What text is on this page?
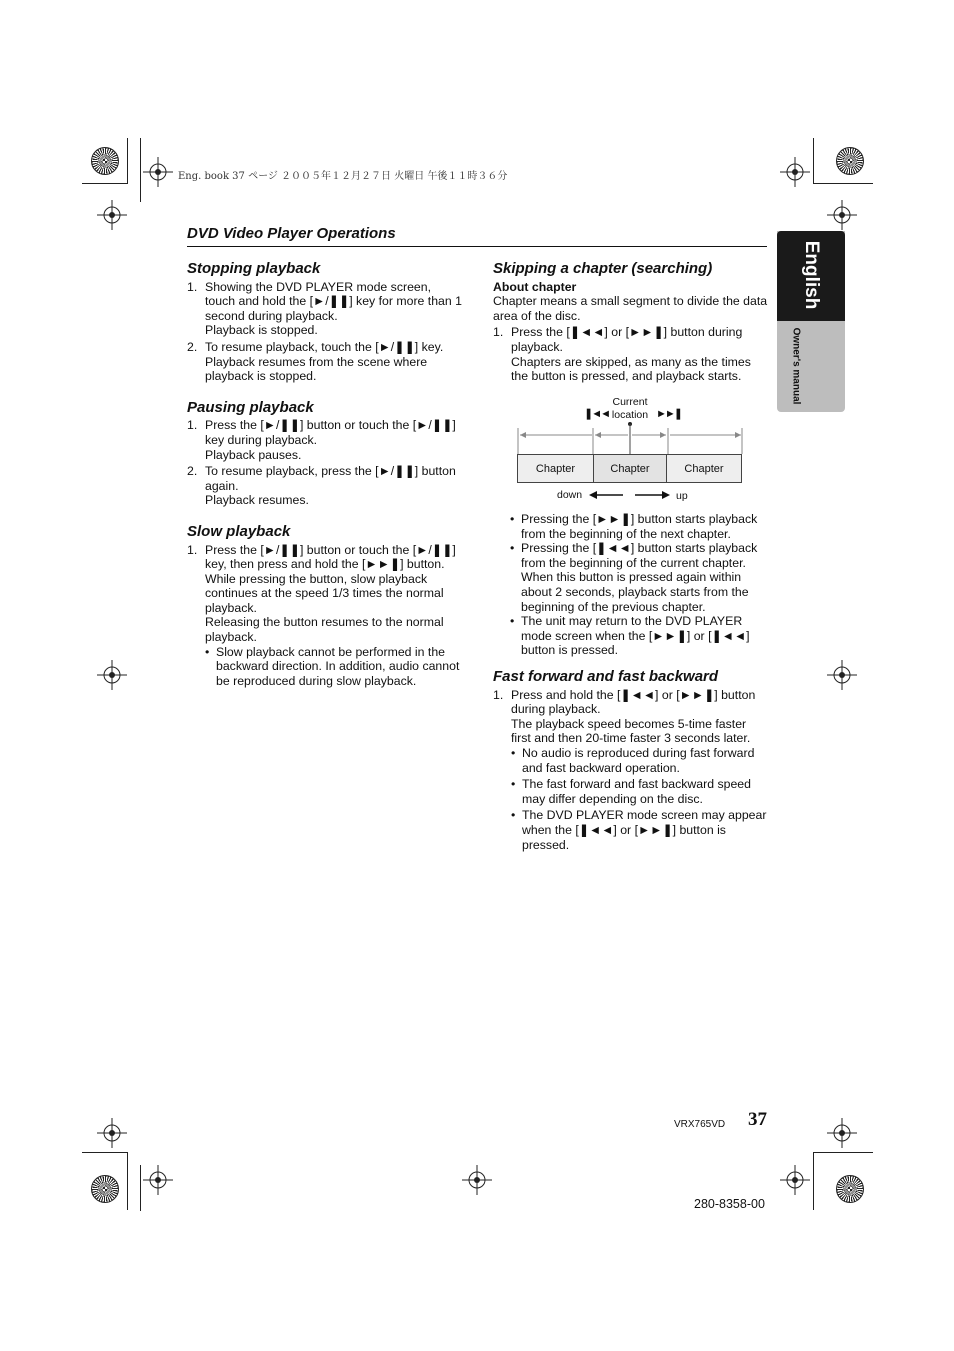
Eng. book 37 ページ ２００５年１２月２７日 火曜日 午後１１時３６分
DVD Video Player Operations
English
Owner's manual
Stopping playback
1. Showing the DVD PLAYER mode screen, touch and hold the [►/❚❚] key for more than 1 second during playback.

Playback is stopped.

2. To resume playback, touch the [►/❚❚] key.

Playback resumes from the scene where playback is stopped.

Pausing playback
1. Press the [►/❚❚] button or touch the [►/❚❚] key during playback.

Playback pauses.

2. To resume playback, press the [►/❚❚] button again.

Playback resumes.

Slow playback
1. Press the [►/❚❚] button or touch the [►/❚❚] key, then press and hold the [►►❚] button.

While pressing the button, slow playback continues at the speed 1/3 times the normal playback.

Releasing the button resumes to the normal playback.

• Slow playback cannot be performed in the backward direction. In addition, audio cannot be reproduced during slow playback.
Skipping a chapter (searching)

About chapter

Chapter means a small segment to divide the data area of the disc.

1. Press the [❚◄◄] or [►►❚] button during playback.

Chapters are skipped, as many as the times the button is pressed, and playback starts.

Current
location
❚◄◄	►►❚
Chapter	Chapter	Chapter
down	up
• Pressing the [►►❚] button starts playback from the beginning of the next chapter.
• Pressing the [❚◄◄] button starts playback from the beginning of the current chapter. When this button is pressed again within about 2 seconds, playback starts from the beginning of the previous chapter.
• The unit may return to the DVD PLAYER mode screen when the [►►❚] or [❚◄◄] button is pressed.
Fast forward and fast backward
1. Press and hold the [❚◄◄] or [►►❚] button during playback.

The playback speed becomes 5-time faster first and then 20-time faster 3 seconds later.

• No audio is reproduced during fast forward and fast backward operation.
• The fast forward and fast backward speed may differ depending on the disc.
• The DVD PLAYER mode screen may appear when the [❚◄◄] or [►►❚] button is pressed.
VRX765VD 37
280-8358-00
